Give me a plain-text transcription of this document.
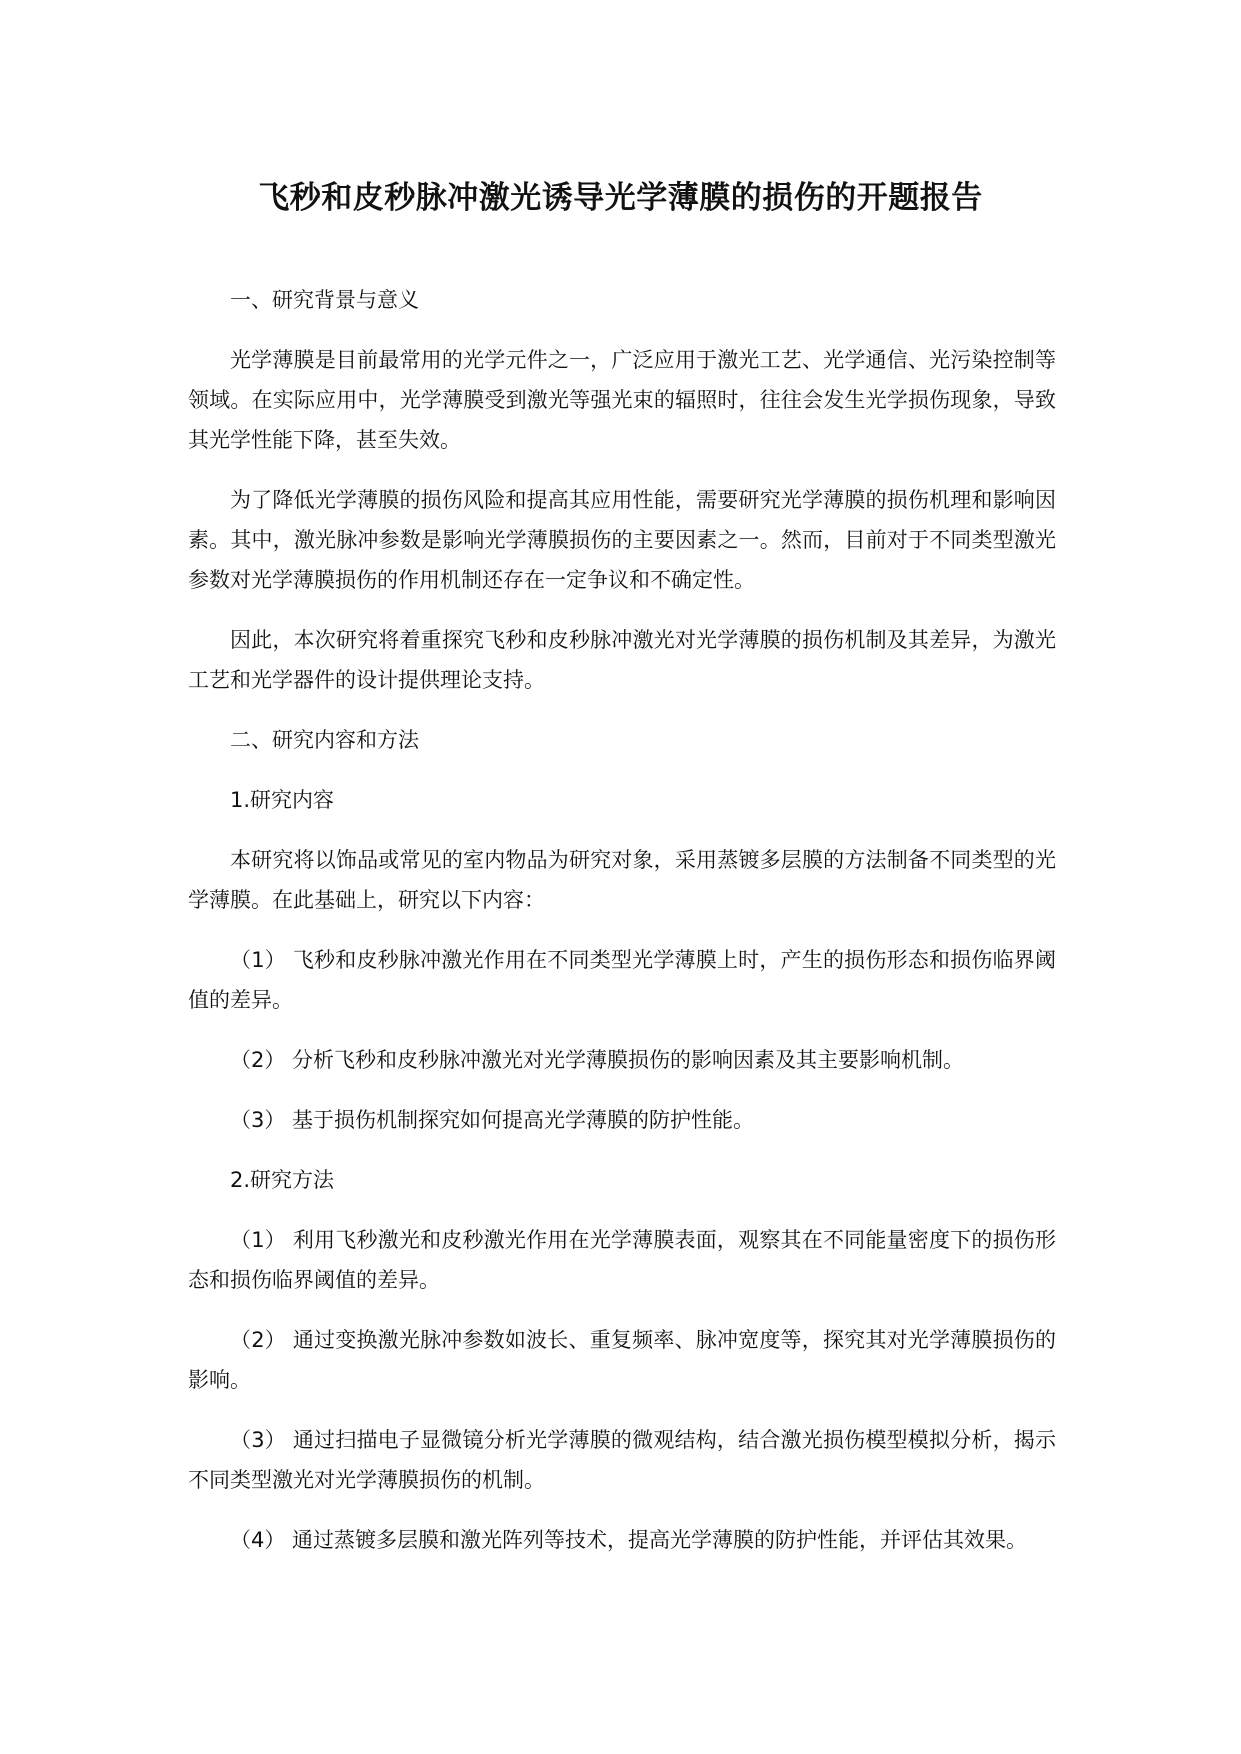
飞秒和皮秒脉冲激光诱导光学薄膜的损伤的开题报告

一、研究背景与意义

光学薄膜是目前最常用的光学元件之一，广泛应用于激光工艺、光学通信、光污染控制等领域。在实际应用中，光学薄膜受到激光等强光束的辐照时，往往会发生光学损伤现象，导致其光学性能下降，甚至失效。

为了降低光学薄膜的损伤风险和提高其应用性能，需要研究光学薄膜的损伤机理和影响因素。其中，激光脉冲参数是影响光学薄膜损伤的主要因素之一。然而，目前对于不同类型激光参数对光学薄膜损伤的作用机制还存在一定争议和不确定性。

因此，本次研究将着重探究飞秒和皮秒脉冲激光对光学薄膜的损伤机制及其差异，为激光工艺和光学器件的设计提供理论支持。

二、研究内容和方法

1.研究内容

本研究将以饰品或常见的室内物品为研究对象，采用蒸镀多层膜的方法制备不同类型的光学薄膜。在此基础上，研究以下内容：

（1） 飞秒和皮秒脉冲激光作用在不同类型光学薄膜上时，产生的损伤形态和损伤临界阈值的差异。

（2） 分析飞秒和皮秒脉冲激光对光学薄膜损伤的影响因素及其主要影响机制。

（3） 基于损伤机制探究如何提高光学薄膜的防护性能。

2.研究方法

（1） 利用飞秒激光和皮秒激光作用在光学薄膜表面，观察其在不同能量密度下的损伤形态和损伤临界阈值的差异。

（2） 通过变换激光脉冲参数如波长、重复频率、脉冲宽度等，探究其对光学薄膜损伤的影响。

（3） 通过扫描电子显微镜分析光学薄膜的微观结构，结合激光损伤模型模拟分析，揭示不同类型激光对光学薄膜损伤的机制。

（4） 通过蒸镀多层膜和激光阵列等技术，提高光学薄膜的防护性能，并评估其效果。
